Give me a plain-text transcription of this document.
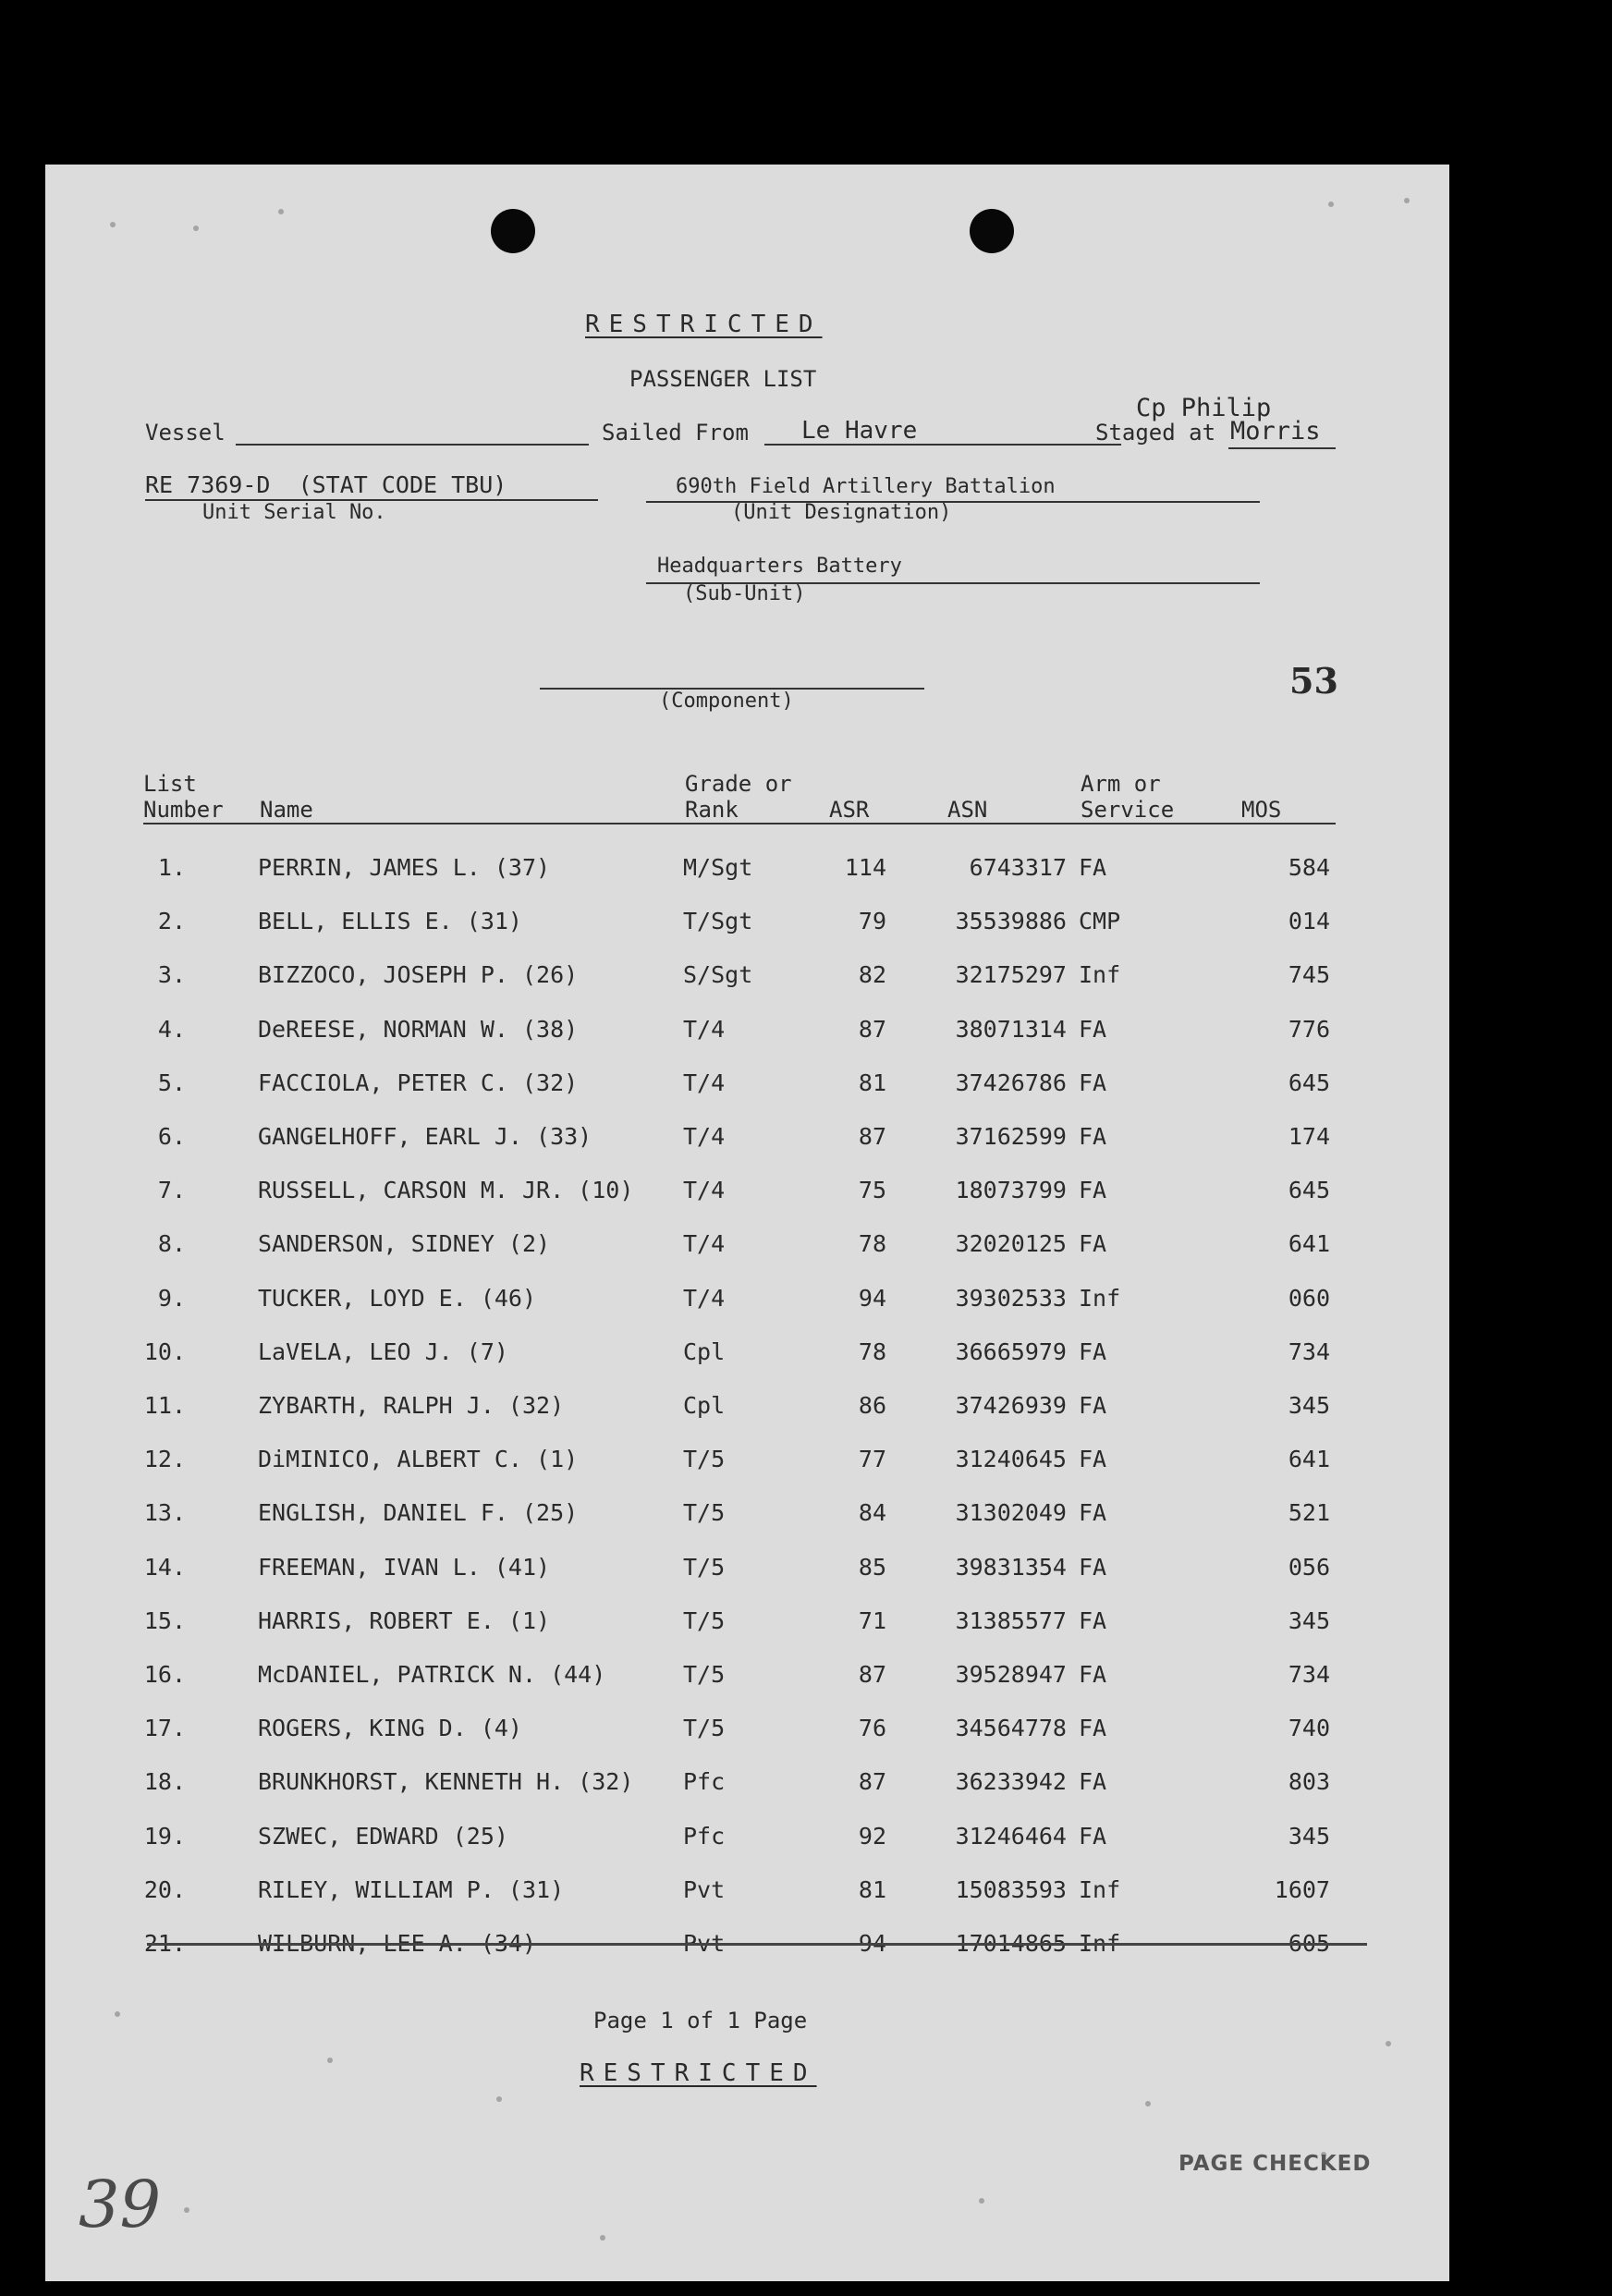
RESTRICTED
PASSENGER LIST
Cp Philip
Vessel	Sailed From Le Havre	Staged at Morris
RE 7369-D  (STAT CODE TBU)
Unit Serial No.
690th Field Artillery Battalion
(Unit Designation)
Headquarters Battery
(Sub-Unit)
(Component)	53
List
Number Name
Grade or
Rank	ASR	ASN
Arm or
Service	MOS
1.	PERRIN, JAMES L. (37)	M/Sgt	114	6743317 FA	584
2.	BELL, ELLIS E. (31)	T/Sgt	79	35539886 CMP	014
3.	BIZZOCO, JOSEPH P. (26)	S/Sgt	82	32175297 Inf	745
4.	DeREESE, NORMAN W. (38)	T/4	87	38071314 FA	776
5.	FACCIOLA, PETER C. (32)	T/4	81	37426786 FA	645
6.	GANGELHOFF, EARL J. (33)	T/4	87	37162599 FA	174
7.	RUSSELL, CARSON M. JR. (10) T/4	75	18073799 FA	645
8.	SANDERSON, SIDNEY (2)	T/4	78	32020125 FA	641
9.	TUCKER, LOYD E. (46)	T/4	94	39302533 Inf	060
10.	LaVELA, LEO J. (7)	Cpl	78	36665979 FA	734
11.	ZYBARTH, RALPH J. (32)	Cpl	86	37426939 FA	345
12.	DiMINICO, ALBERT C. (1)	T/5	77	31240645 FA	641
13.	ENGLISH, DANIEL F. (25)	T/5	84	31302049 FA	521
14.	FREEMAN, IVAN L. (41)	T/5	85	39831354 FA	056
15.	HARRIS, ROBERT E. (1)	T/5	71	31385577 FA	345
16.	McDANIEL, PATRICK N. (44)	T/5	87	39528947 FA	734
17.	ROGERS, KING D. (4)	T/5	76	34564778 FA	740
18.	BRUNKHORST, KENNETH H. (32) Pfc	87	36233942 FA	803
19.	SZWEC, EDWARD (25)	Pfc	92	31246464 FA	345
20.	RILEY, WILLIAM P. (31)	Pvt	81	15083593 Inf	1607
21.	WILBURN, LEE A. (34)	Pvt	94	17014865 Inf	605
Page 1 of 1 Page
RESTRICTED
39
PAGE CHECKED
